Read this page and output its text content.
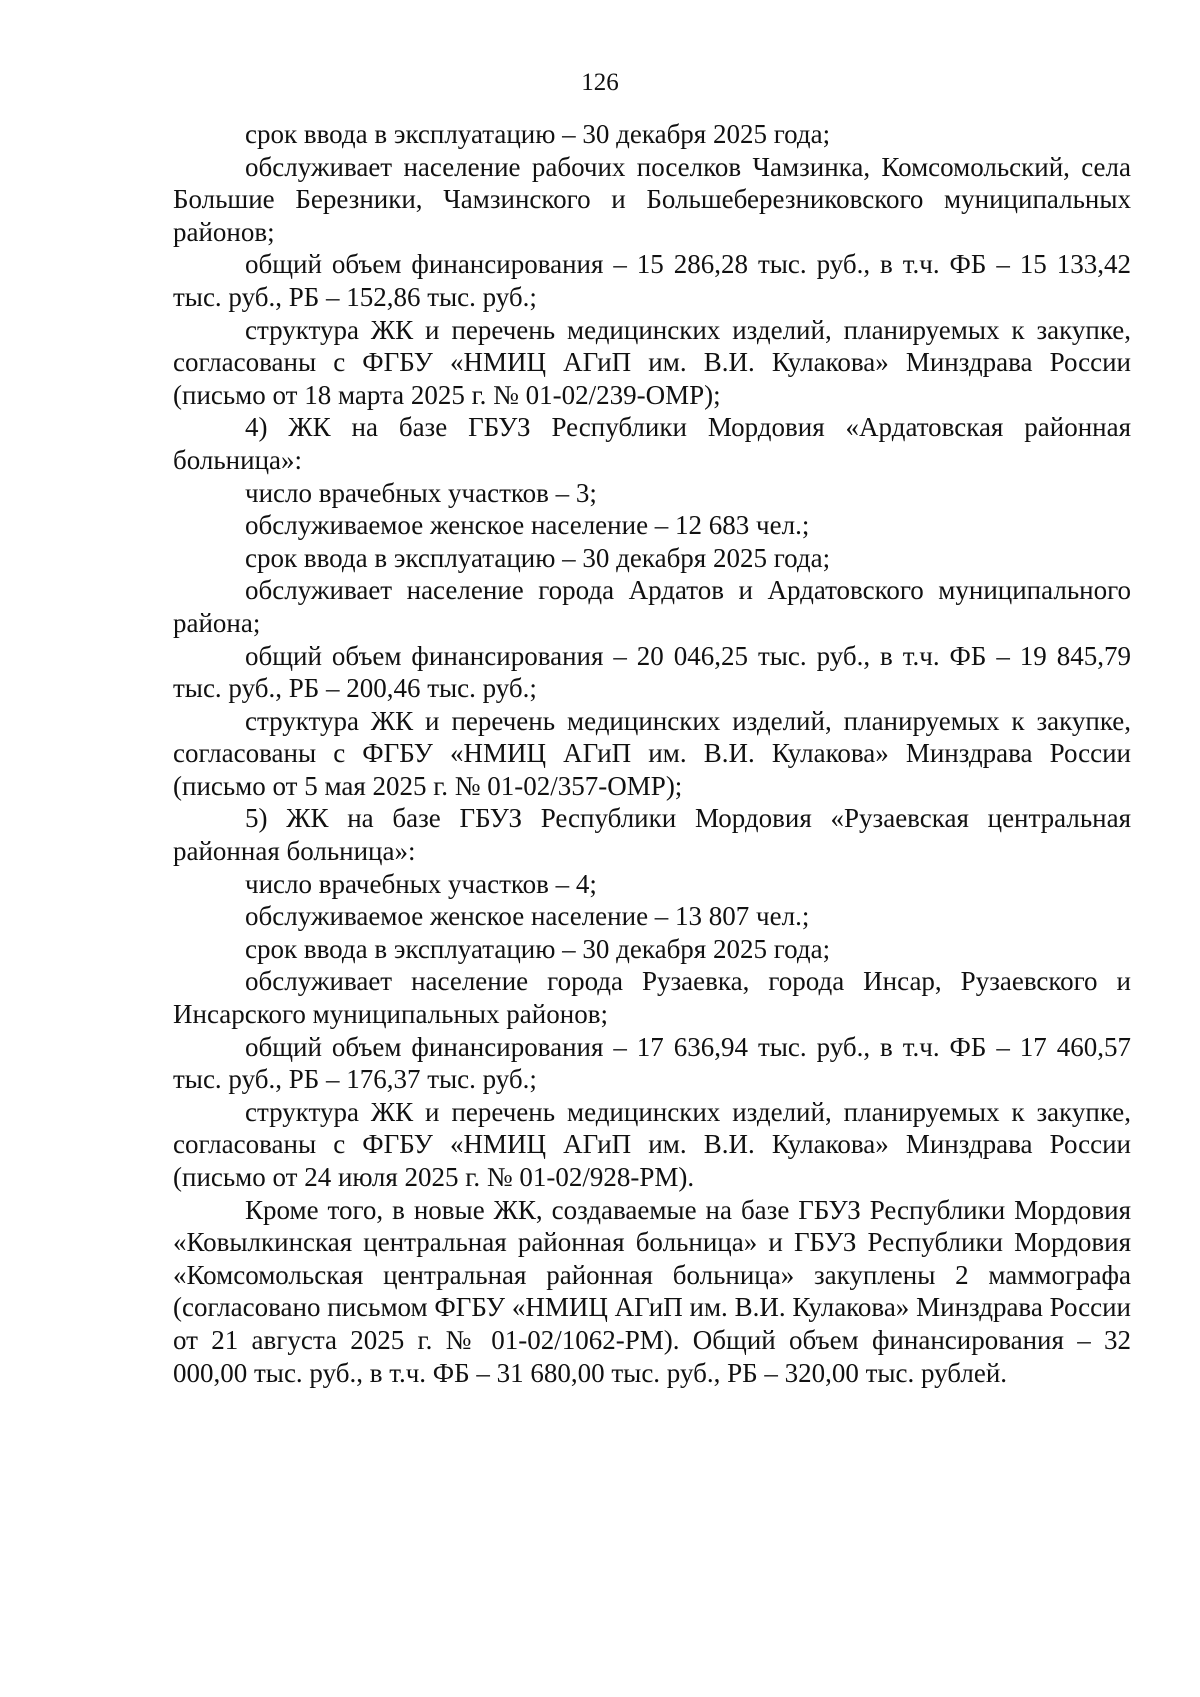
126

срок ввода в эксплуатацию – 30 декабря 2025 года;

обслуживает население рабочих поселков Чамзинка, Комсомольский, села Большие Березники, Чамзинского и Большеберезниковского муниципальных районов;

общий объем финансирования – 15 286,28 тыс. руб., в т.ч. ФБ – 15 133,42 тыс. руб., РБ – 152,86 тыс. руб.;

структура ЖК и перечень медицинских изделий, планируемых к закупке, согласованы с ФГБУ «НМИЦ АГиП им. В.И. Кулакова» Минздрава России (письмо от 18 марта 2025 г. № 01-02/239-ОМР);

4) ЖК на базе ГБУЗ Республики Мордовия «Ардатовская районная больница»:

число врачебных участков – 3;

обслуживаемое женское население – 12 683 чел.;

срок ввода в эксплуатацию – 30 декабря 2025 года;

обслуживает население города Ардатов и Ардатовского муниципального района;

общий объем финансирования – 20 046,25 тыс. руб., в т.ч. ФБ – 19 845,79 тыс. руб., РБ – 200,46 тыс. руб.;

структура ЖК и перечень медицинских изделий, планируемых к закупке, согласованы с ФГБУ «НМИЦ АГиП им. В.И. Кулакова» Минздрава России (письмо от 5 мая 2025 г. № 01-02/357-ОМР);

5) ЖК на базе ГБУЗ Республики Мордовия «Рузаевская центральная районная больница»:

число врачебных участков – 4;

обслуживаемое женское население – 13 807 чел.;

срок ввода в эксплуатацию – 30 декабря 2025 года;

обслуживает население города Рузаевка, города Инсар, Рузаевского и Инсарского муниципальных районов;

общий объем финансирования – 17 636,94 тыс. руб., в т.ч. ФБ – 17 460,57 тыс. руб., РБ – 176,37 тыс. руб.;

структура ЖК и перечень медицинских изделий, планируемых к закупке, согласованы с ФГБУ «НМИЦ АГиП им. В.И. Кулакова» Минздрава России (письмо от 24 июля 2025 г. № 01-02/928-РМ).

Кроме того, в новые ЖК, создаваемые на базе ГБУЗ Республики Мордовия «Ковылкинская центральная районная больница» и ГБУЗ Республики Мордовия «Комсомольская центральная районная больница» закуплены 2 маммографа (согласовано письмом ФГБУ «НМИЦ АГиП им. В.И. Кулакова» Минздрава России от 21 августа 2025 г. № 01-02/1062-РМ). Общий объем финансирования – 32 000,00 тыс. руб., в т.ч. ФБ – 31 680,00 тыс. руб., РБ – 320,00 тыс. рублей.
